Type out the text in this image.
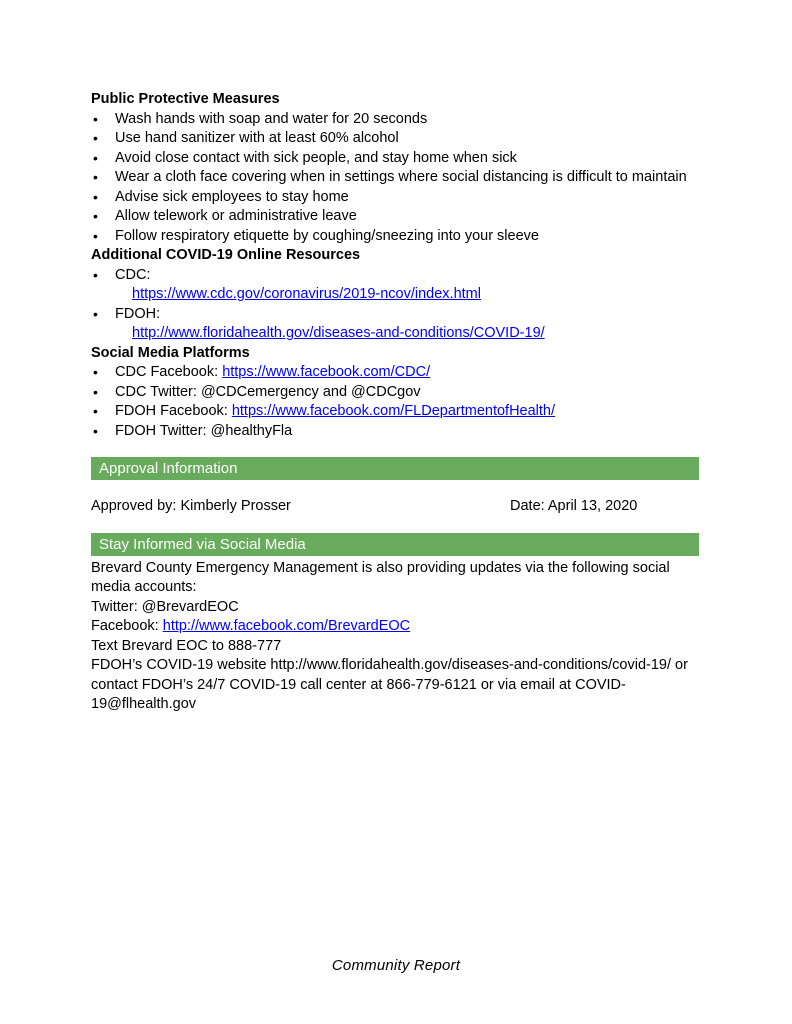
Public Protective Measures
• Wash hands with soap and water for 20 seconds
• Use hand sanitizer with at least 60% alcohol
• Avoid close contact with sick people, and stay home when sick
• Wear a cloth face covering when in settings where social distancing is difficult to maintain
• Advise sick employees to stay home
• Allow telework or administrative leave
• Follow respiratory etiquette by coughing/sneezing into your sleeve
Additional COVID-19 Online Resources
• CDC:
https://www.cdc.gov/coronavirus/2019-ncov/index.html
• FDOH:
http://www.floridahealth.gov/diseases-and-conditions/COVID-19/
Social Media Platforms
• CDC Facebook: https://www.facebook.com/CDC/
• CDC Twitter: @CDCemergency and @CDCgov
• FDOH Facebook: https://www.facebook.com/FLDepartmentofHealth/
• FDOH Twitter: @healthyFla
Approval Information
Approved by: Kimberly Prosser	Date: April 13, 2020
Stay Informed via Social Media
Brevard County Emergency Management is also providing updates via the following social media accounts:
Twitter: @BrevardEOC
Facebook: http://www.facebook.com/BrevardEOC
Text Brevard EOC to 888-777
FDOH’s COVID-19 website http://www.floridahealth.gov/diseases-and-conditions/covid-19/ or contact FDOH’s 24/7 COVID-19 call center at 866-779-6121 or via email at COVID-19@flhealth.gov
Community Report
